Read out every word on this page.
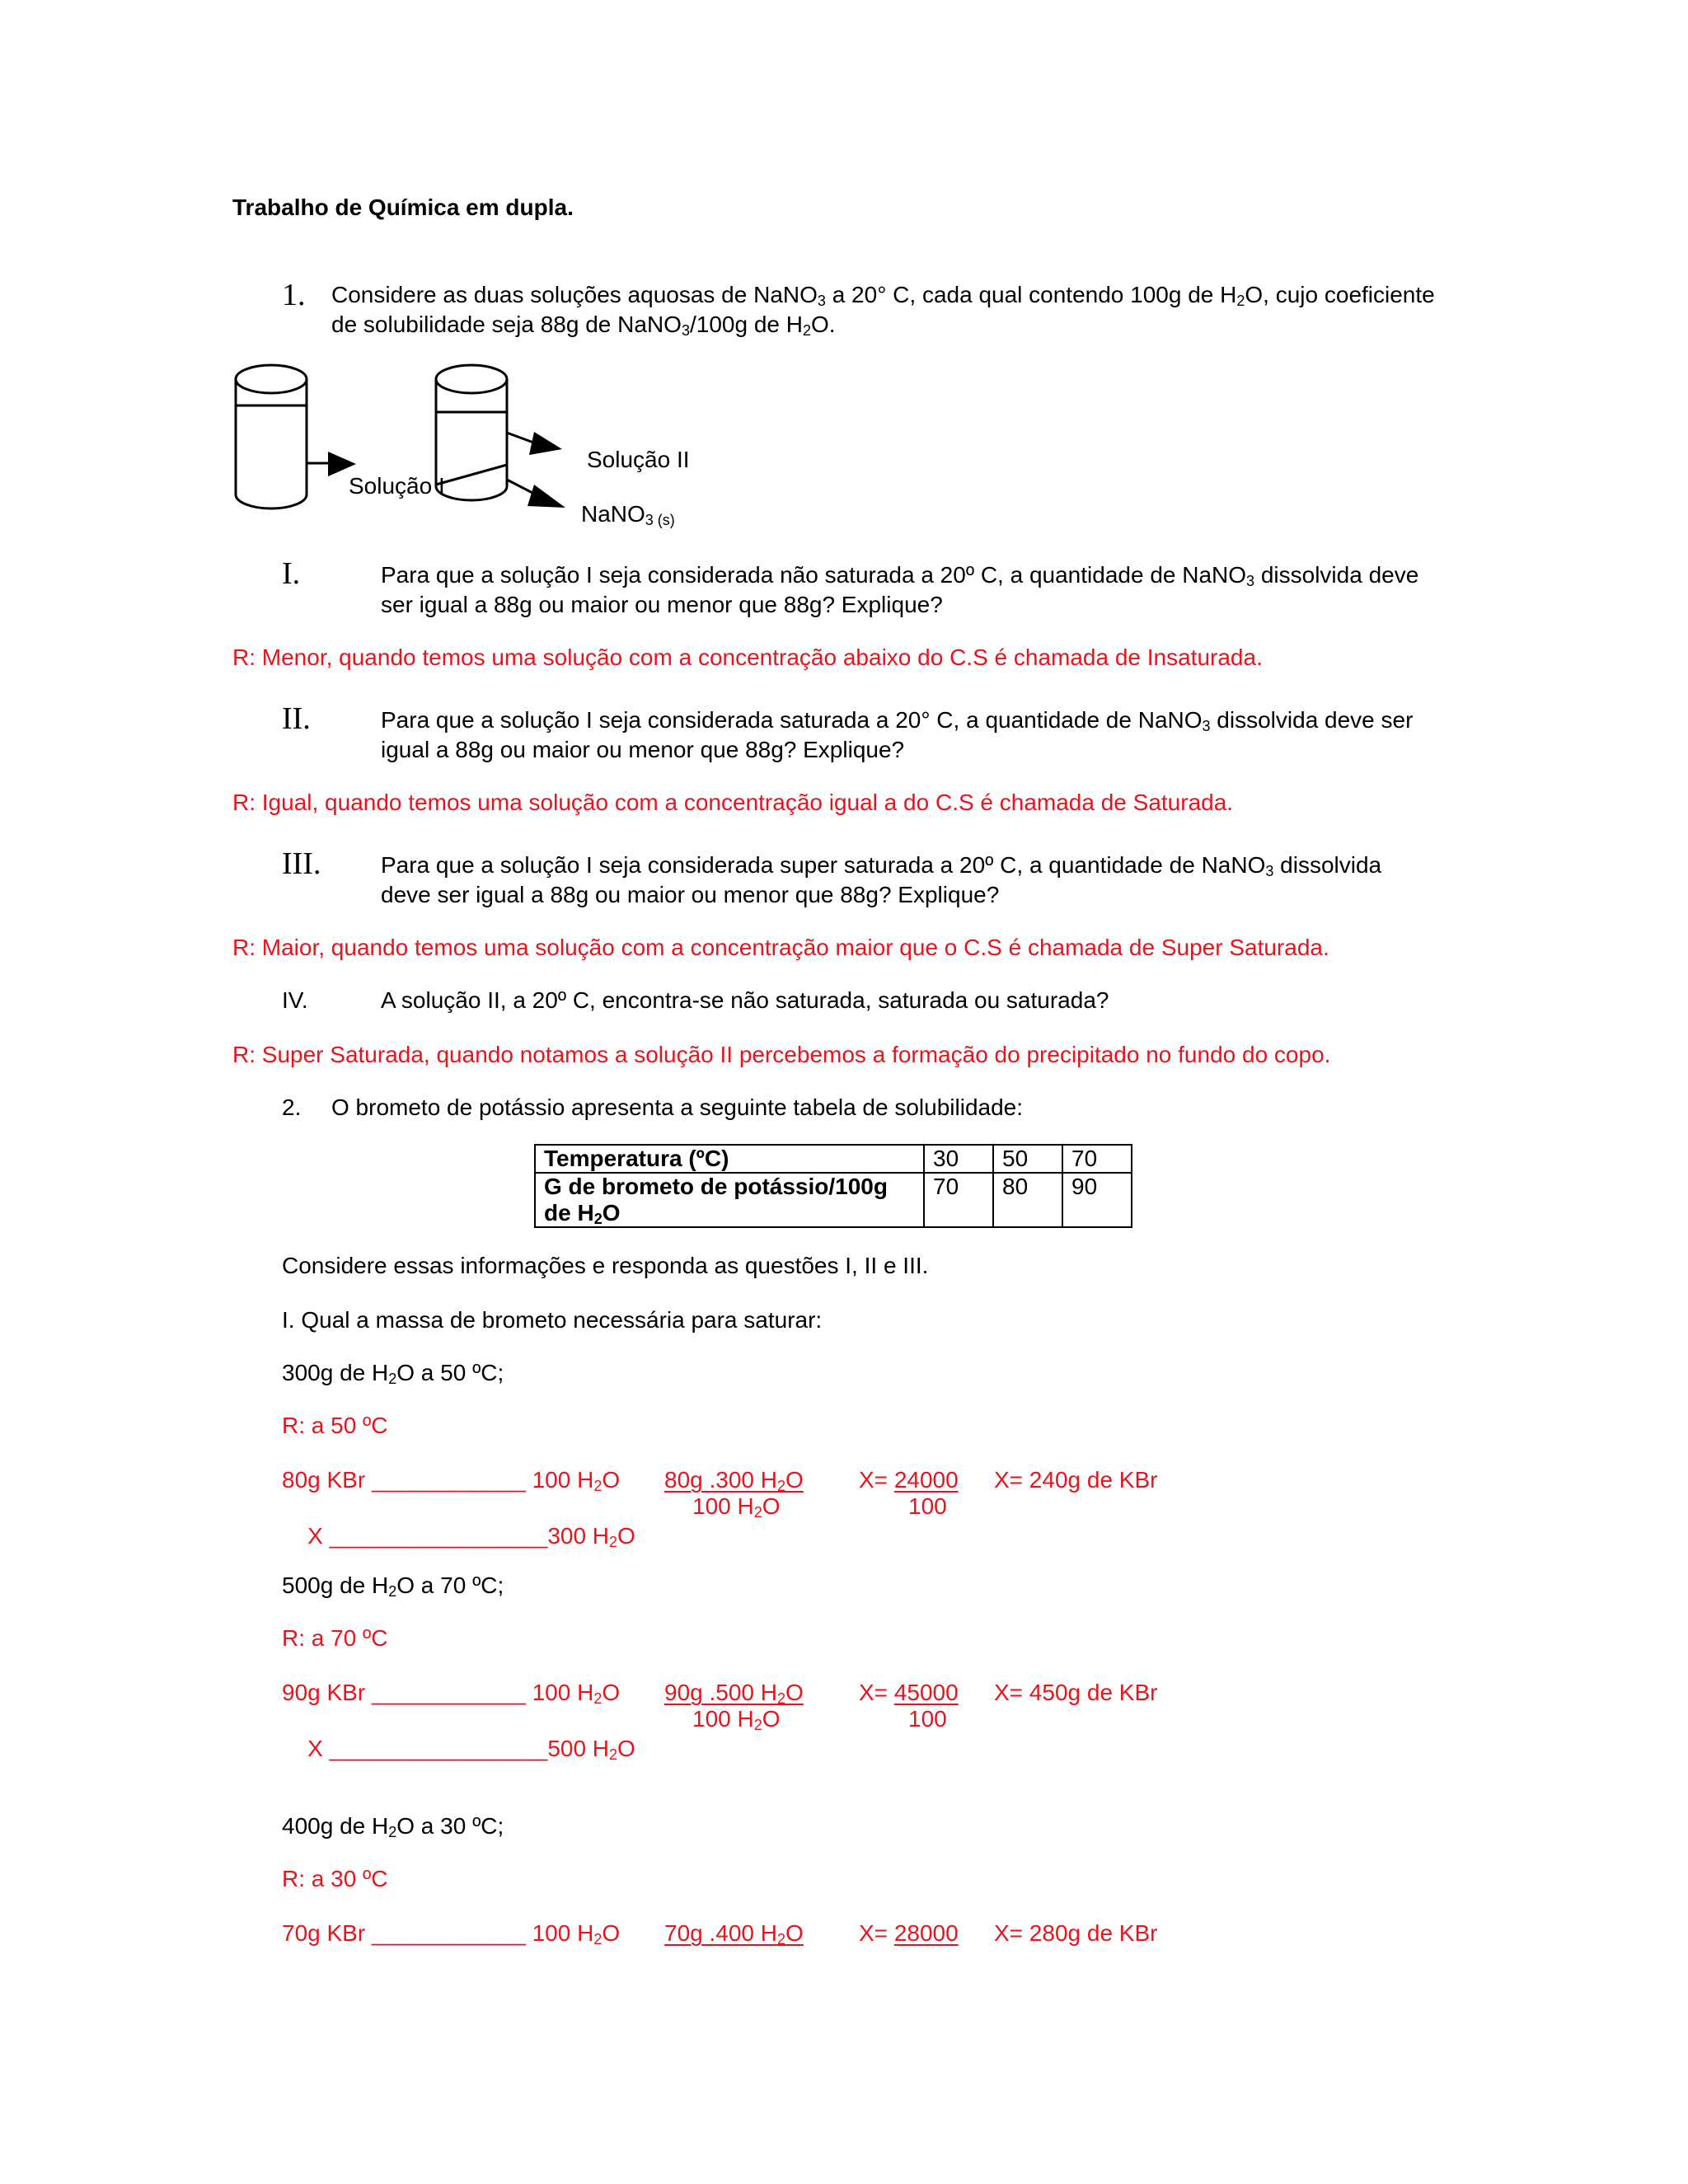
Trabalho de Química em dupla.
1. Considere as duas soluções aquosas de NaNO$_3$ a 20° C, cada qual contendo 100g de $H_2O$, cujo coeficiente
de solubilidade seja 88g de NaNO$_3$/100g de $H_2O$.
Solução I
Solução II
NaNO$_{3 (s)}$
I.	Para que a solução I seja considerada não saturada a 20º C, a quantidade de NaNO$_3$ dissolvida deve
ser igual a 88g ou maior ou menor que 88g? Explique?
R: Menor, quando temos uma solução com a concentração abaixo do C.S é chamada de Insaturada.
II.	Para que a solução I seja considerada saturada a 20° C, a quantidade de NaNO$_3$ dissolvida deve ser
igual a 88g ou maior ou menor que 88g? Explique?
R: Igual, quando temos uma solução com a concentração igual a do C.S é chamada de Saturada.
III.	Para que a solução I seja considerada super saturada a 20º C, a quantidade de NaNO$_3$ dissolvida
deve ser igual a 88g ou maior ou menor que 88g? Explique?
R: Maior, quando temos uma solução com a concentração maior que o C.S é chamada de Super Saturada.
IV.	A solução II, a 20º C, encontra-se não saturada, saturada ou saturada?
R: Super Saturada, quando notamos a solução II percebemos a formação do precipitado no fundo do copo.
2. O brometo de potássio apresenta a seguinte tabela de solubilidade:
Temperatura (ºC)	30	50	70
G de brometo de potássio/100g
de $H_2O$	70	80	90
Considere essas informações e responda as questões I, II e III.
I. Qual a massa de brometo necessária para saturar:
300g de $H_2O$ a 50 ºC;
R: a 50 ºC
80g KBr ____________ 100 $H_2O$

X _________________300 $H_2O$

80g .300 $H_2O$
100 $H_2O$
X= 24000
100
X= 240g de KBr
500g de $H_2O$ a 70 ºC;
R: a 70 ºC
90g KBr ____________ 100 $H_2O$

X _________________500 $H_2O$

90g .500 $H_2O$
100 $H_2O$
X= 45000
100
X= 450g de KBr
400g de $H_2O$ a 30 ºC;
R: a 30 ºC
70g KBr ____________ 100 $H_2O$ 70g .400 $H_2O$ X= 28000 X= 280g de KBr
